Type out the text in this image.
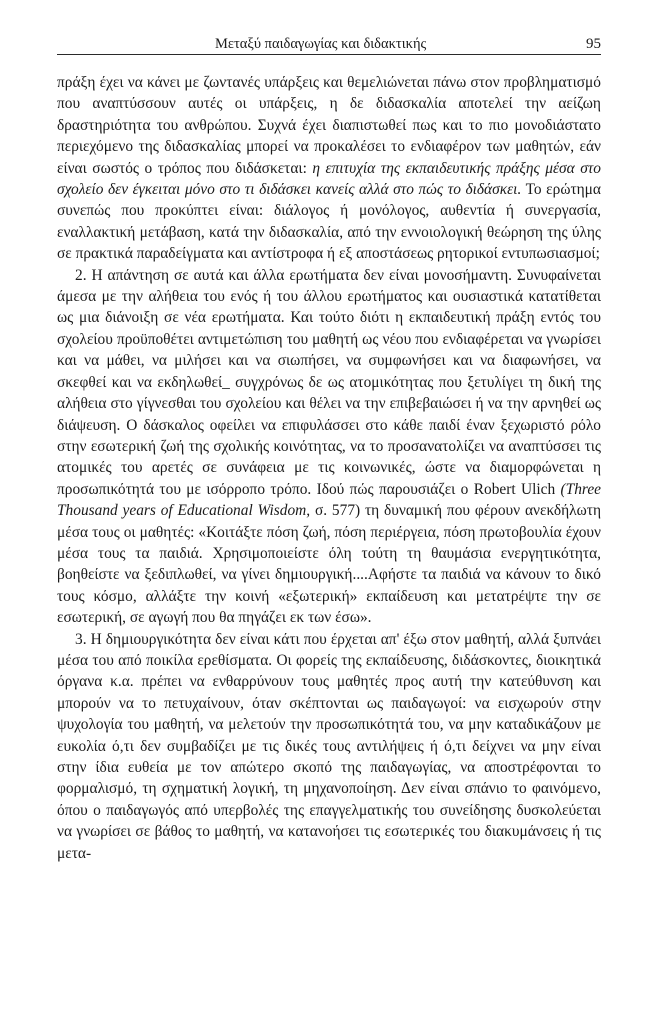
Μεταξύ παιδαγωγίας και διδακτικής	95

πράξη έχει να κάνει με ζωντανές υπάρξεις και θεμελιώνεται πάνω στον προβληματισμό που αναπτύσσουν αυτές οι υπάρξεις, η δε διδασκαλία αποτελεί την αείζωη δραστηριότητα του ανθρώπου. Συχνά έχει διαπιστωθεί πως και το πιο μονοδιάστατο περιεχόμενο της διδασκαλίας μπορεί να προκαλέσει το ενδιαφέρον των μαθητών, εάν είναι σωστός ο τρόπος που διδάσκεται: η επιτυχία της εκπαιδευτικής πράξης μέσα στο σχολείο δεν έγκειται μόνο στο τι διδάσκει κανείς αλλά στο πώς το διδάσκει. Το ερώτημα συνεπώς που προκύπτει είναι: διάλογος ή μονόλογος, αυθεντία ή συνεργασία, εναλλακτική μετάβαση, κατά την διδασκαλία, από την εννοιολογική θεώρηση της ύλης σε πρακτικά παραδείγματα και αντίστροφα ή εξ αποστάσεως ρητορικοί εντυπωσιασμοί;

2. Η απάντηση σε αυτά και άλλα ερωτήματα δεν είναι μονοσήμαντη. Συνυφαίνεται άμεσα με την αλήθεια του ενός ή του άλλου ερωτήματος και ουσιαστικά κατατίθεται ως μια διάνοιξη σε νέα ερωτήματα. Και τούτο διότι η εκπαιδευτική πράξη εντός του σχολείου προϋποθέτει αντιμετώπιση του μαθητή ως νέου που ενδιαφέρεται να γνωρίσει και να μάθει, να μιλήσει και να σιωπήσει, να συμφωνήσει και να διαφωνήσει, να σκεφθεί και να εκδηλωθεί_ συγχρόνως δε ως ατομικότητας που ξετυλίγει τη δική της αλήθεια στο γίγνεσθαι του σχολείου και θέλει να την επιβεβαιώσει ή να την αρνηθεί ως διάψευση. Ο δάσκαλος οφείλει να επιφυλάσσει στο κάθε παιδί έναν ξεχωριστό ρόλο στην εσωτερική ζωή της σχολικής κοινότητας, να το προσανατολίζει να αναπτύσσει τις ατομικές του αρετές σε συνάφεια με τις κοινωνικές, ώστε να διαμορφώνεται η προσωπικότητά του με ισόρροπο τρόπο. Ιδού πώς παρουσιάζει ο Robert Ulich (Three Thousand years of Educational Wisdom, σ. 577) τη δυναμική που φέρουν ανεκδήλωτη μέσα τους οι μαθητές: «Κοιτάξτε πόση ζωή, πόση περιέργεια, πόση πρωτοβουλία έχουν μέσα τους τα παιδιά. Χρησιμοποιείστε όλη τούτη τη θαυμάσια ενεργητικότητα, βοηθείστε να ξεδιπλωθεί, να γίνει δημιουργική....Αφήστε τα παιδιά να κάνουν το δικό τους κόσμο, αλλάξτε την κοινή «εξωτερική» εκπαίδευση και μετατρέψτε την σε εσωτερική, σε αγωγή που θα πηγάζει εκ των έσω».

3. Η δημιουργικότητα δεν είναι κάτι που έρχεται απ' έξω στον μαθητή, αλλά ξυπνάει μέσα του από ποικίλα ερεθίσματα. Οι φορείς της εκπαίδευσης, διδάσκοντες, διοικητικά όργανα κ.α. πρέπει να ενθαρρύνουν τους μαθητές προς αυτή την κατεύθυνση και μπορούν να το πετυχαίνουν, όταν σκέπτονται ως παιδαγωγοί: να εισχωρούν στην ψυχολογία του μαθητή, να μελετούν την προσωπικότητά του, να μην καταδικάζουν με ευκολία ό,τι δεν συμβαδίζει με τις δικές τους αντιλήψεις ή ό,τι δείχνει να μην είναι στην ίδια ευθεία με τον απώτερο σκοπό της παιδαγωγίας, να αποστρέφονται το φορμαλισμό, τη σχηματική λογική, τη μηχανοποίηση. Δεν είναι σπάνιο το φαινόμενο, όπου ο παιδαγωγός από υπερβολές της επαγγελματικής του συνείδησης δυσκολεύεται να γνωρίσει σε βάθος το μαθητή, να κατανοήσει τις εσωτερικές του διακυμάνσεις ή τις μετα-
